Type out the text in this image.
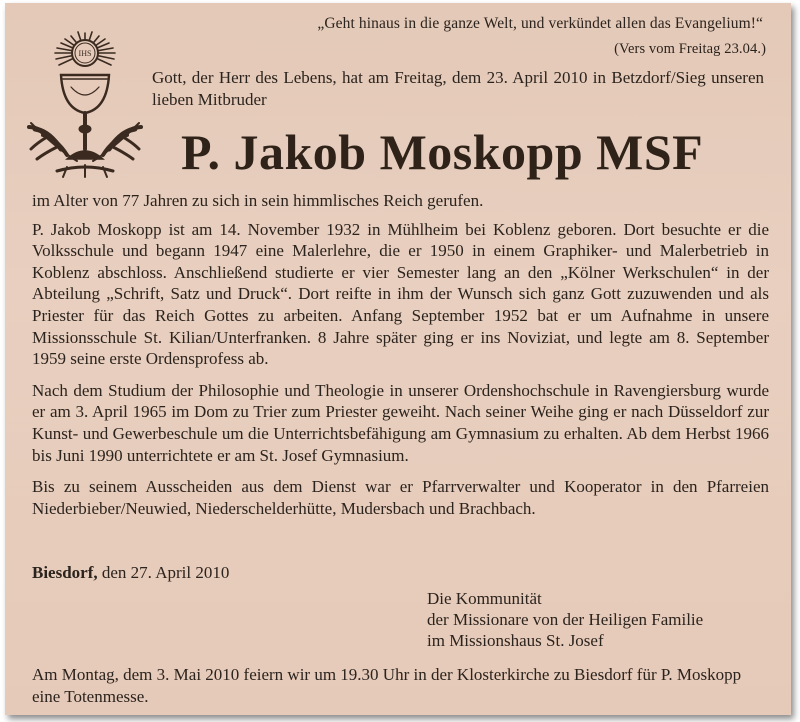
„Geht hinaus in die ganze Welt, und verkündet allen das Evangelium!“
(Vers vom Freitag 23.04.)
IHS
Gott, der Herr des Lebens, hat am Freitag, dem 23. April 2010 in Betzdorf/Sieg unseren lieben Mitbruder
P. Jakob Moskopp MSF

im Alter von 77 Jahren zu sich in sein himmlisches Reich gerufen.

P. Jakob Moskopp ist am 14. November 1932 in Mühlheim bei Koblenz geboren. Dort besuchte er die Volksschule und begann 1947 eine Malerlehre, die er 1950 in einem Graphiker- und Malerbetrieb in Koblenz abschloss. Anschließend studierte er vier Semester lang an den „Kölner Werkschulen“ in der Abteilung „Schrift, Satz und Druck“. Dort reifte in ihm der Wunsch sich ganz Gott zuzuwenden und als Priester für das Reich Gottes zu arbeiten. Anfang September 1952 bat er um Aufnahme in unsere Missionsschule St. Kilian/Unterfranken. 8 Jahre später ging er ins Noviziat, und legte am 8. September 1959 seine erste Ordensprofess ab.

Nach dem Studium der Philosophie und Theologie in unserer Ordenshochschule in Ravengiersburg wurde er am 3. April 1965 im Dom zu Trier zum Priester geweiht. Nach seiner Weihe ging er nach Düsseldorf zur Kunst- und Gewerbeschule um die Unterrichtsbefähigung am Gymnasium zu erhalten. Ab dem Herbst 1966 bis Juni 1990 unterrichtete er am St. Josef Gymnasium.

Bis zu seinem Ausscheiden aus dem Dienst war er Pfarrverwalter und Kooperator in den Pfarreien Niederbieber/Neuwied, Niederschelderhütte, Mudersbach und Brachbach.

Biesdorf, den 27. April 2010
Die Kommunität
der Missionare von der Heiligen Familie
im Missionshaus St. Josef

Am Montag, dem 3. Mai 2010 feiern wir um 19.30 Uhr in der Klosterkirche zu Biesdorf für P. Moskopp eine Totenmesse.
